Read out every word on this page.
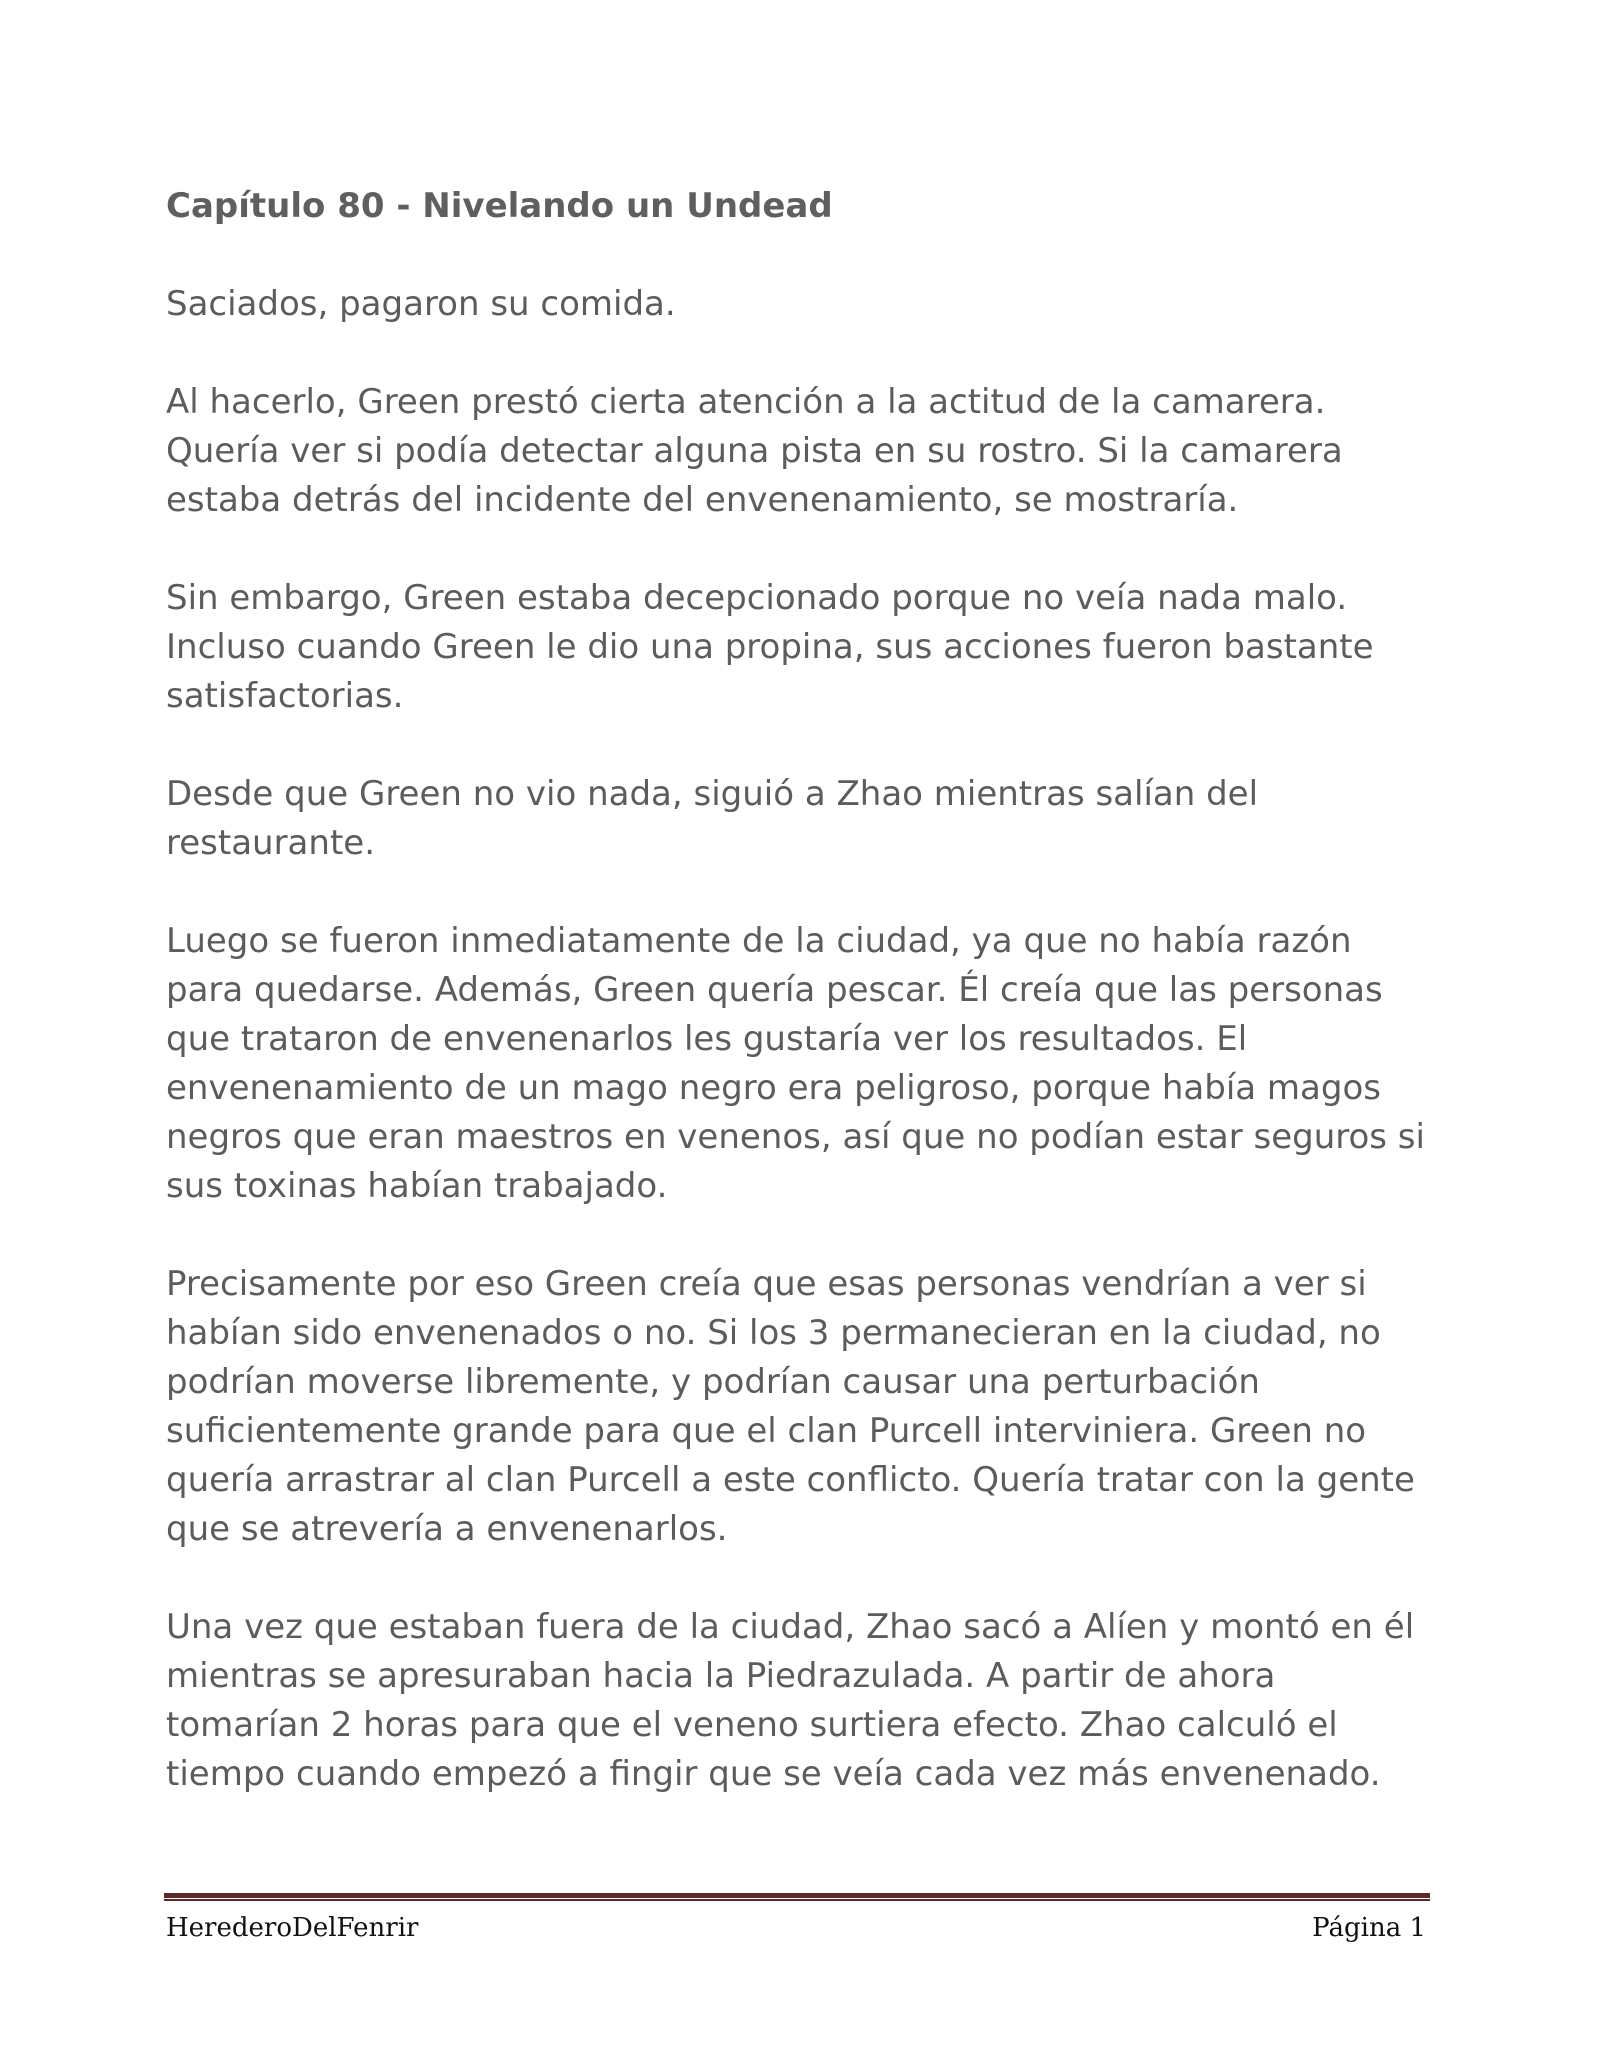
Capítulo 80 - Nivelando un Undead

Saciados, pagaron su comida.

Al hacerlo, Green prestó cierta atención a la actitud de la camarera. Quería ver si podía detectar alguna pista en su rostro. Si la camarera estaba detrás del incidente del envenenamiento, se mostraría.

Sin embargo, Green estaba decepcionado porque no veía nada malo. Incluso cuando Green le dio una propina, sus acciones fueron bastante satisfactorias.

Desde que Green no vio nada, siguió a Zhao mientras salían del restaurante.

Luego se fueron inmediatamente de la ciudad, ya que no había razón para quedarse. Además, Green quería pescar. Él creía que las personas que trataron de envenenarlos les gustaría ver los resultados. El envenenamiento de un mago negro era peligroso, porque había magos negros que eran maestros en venenos, así que no podían estar seguros si sus toxinas habían trabajado.

Precisamente por eso Green creía que esas personas vendrían a ver si habían sido envenenados o no. Si los 3 permanecieran en la ciudad, no podrían moverse libremente, y podrían causar una perturbación suficientemente grande para que el clan Purcell interviniera. Green no quería arrastrar al clan Purcell a este conflicto. Quería tratar con la gente que se atrevería a envenenarlos.

Una vez que estaban fuera de la ciudad, Zhao sacó a Alíen y montó en él mientras se apresuraban hacia la Piedrazulada. A partir de ahora tomarían 2 horas para que el veneno surtiera efecto. Zhao calculó el tiempo cuando empezó a fingir que se veía cada vez más envenenado.

HerederoDelFenrir	Página 1
